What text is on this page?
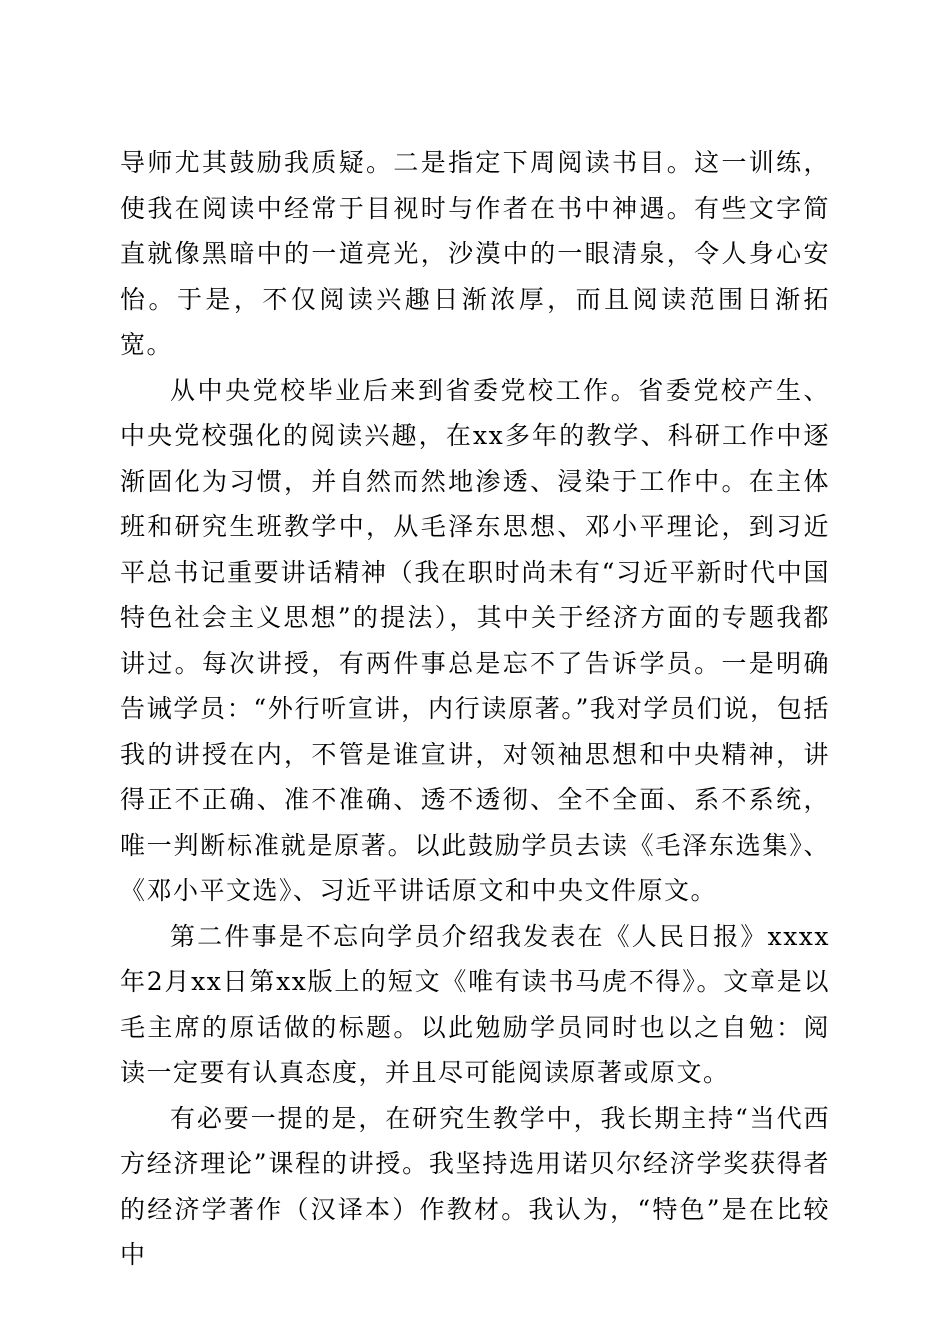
导师尤其鼓励我质疑。二是指定下周阅读书目。这一训练，使我在阅读中经常于目视时与作者在书中神遇。有些文字简直就像黑暗中的一道亮光，沙漠中的一眼清泉，令人身心安怡。于是，不仅阅读兴趣日渐浓厚，而且阅读范围日渐拓宽。

从中央党校毕业后来到省委党校工作。省委党校产生、中央党校强化的阅读兴趣，在xx多年的教学、科研工作中逐渐固化为习惯，并自然而然地渗透、浸染于工作中。在主体班和研究生班教学中，从毛泽东思想、邓小平理论，到习近平总书记重要讲话精神（我在职时尚未有“习近平新时代中国特色社会主义思想”的提法），其中关于经济方面的专题我都讲过。每次讲授，有两件事总是忘不了告诉学员。一是明确告诫学员：“外行听宣讲，内行读原著。”我对学员们说，包括我的讲授在内，不管是谁宣讲，对领袖思想和中央精神，讲得正不正确、准不准确、透不透彻、全不全面、系不系统，唯一判断标准就是原著。以此鼓励学员去读《毛泽东选集》、《邓小平文选》、习近平讲话原文和中央文件原文。

第二件事是不忘向学员介绍我发表在《人民日报》xxxx年2月xx日第xx版上的短文《唯有读书马虎不得》。文章是以毛主席的原话做的标题。以此勉励学员同时也以之自勉：阅读一定要有认真态度，并且尽可能阅读原著或原文。

有必要一提的是，在研究生教学中，我长期主持“当代西方经济理论”课程的讲授。我坚持选用诺贝尔经济学奖获得者的经济学著作（汉译本）作教材。我认为，“特色”是在比较中
